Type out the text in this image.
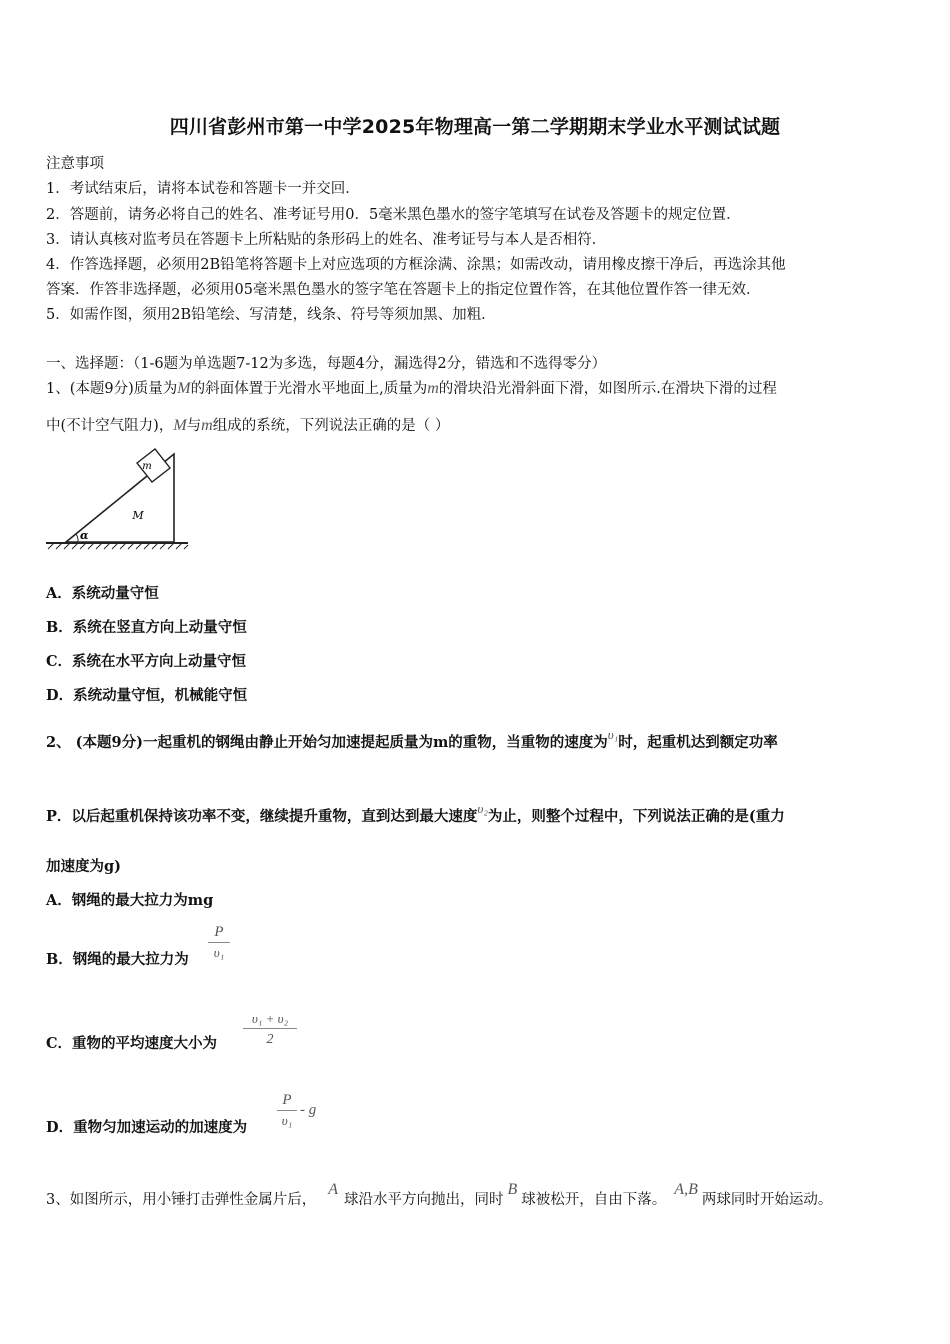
四川省彭州市第一中学2025年物理高一第二学期期末学业水平测试试题
注意事项
1．考试结束后，请将本试卷和答题卡一并交回．
2．答题前，请务必将自己的姓名、准考证号用0．5毫米黑色墨水的签字笔填写在试卷及答题卡的规定位置．
3．请认真核对监考员在答题卡上所粘贴的条形码上的姓名、准考证号与本人是否相符．
4．作答选择题，必须用2B铅笔将答题卡上对应选项的方框涂满、涂黑；如需改动，请用橡皮擦干净后，再选涂其他
答案．作答非选择题，必须用05毫米黑色墨水的签字笔在答题卡上的指定位置作答，在其他位置作答一律无效．
5．如需作图，须用2B铅笔绘、写清楚，线条、符号等须加黑、加粗．
一、选择题：（1-6题为单选题7-12为多选，每题4分，漏选得2分，错选和不选得零分）
1、(本题9分)质量为M的斜面体置于光滑水平地面上,质量为m的滑块沿光滑斜面下滑，如图所示.在滑块下滑的过程
中(不计空气阻力)，M与m组成的系统，下列说法正确的是（ ）
m
M
α
A．系统动量守恒
B．系统在竖直方向上动量守恒
C．系统在水平方向上动量守恒
D．系统动量守恒，机械能守恒
2、 (本题9分)一起重机的钢绳由静止开始匀加速提起质量为m的重物，当重物的速度为υ₁时，起重机达到额定功率
P．以后起重机保持该功率不变，继续提升重物，直到达到最大速度υ₂为止，则整个过程中，下列说法正确的是(重力
加速度为g)
A．钢绳的最大拉力为mg
B．钢绳的最大拉力为
P
υ₁
C．重物的平均速度大小为
υ₁ + υ₂
2
D．重物匀加速运动的加速度为
P
υ₁
- g
3、如图所示，用小锤打击弹性金属片后，A球沿水平方向抛出，同时B球被松开，自由下落。A,B两球同时开始运动。
